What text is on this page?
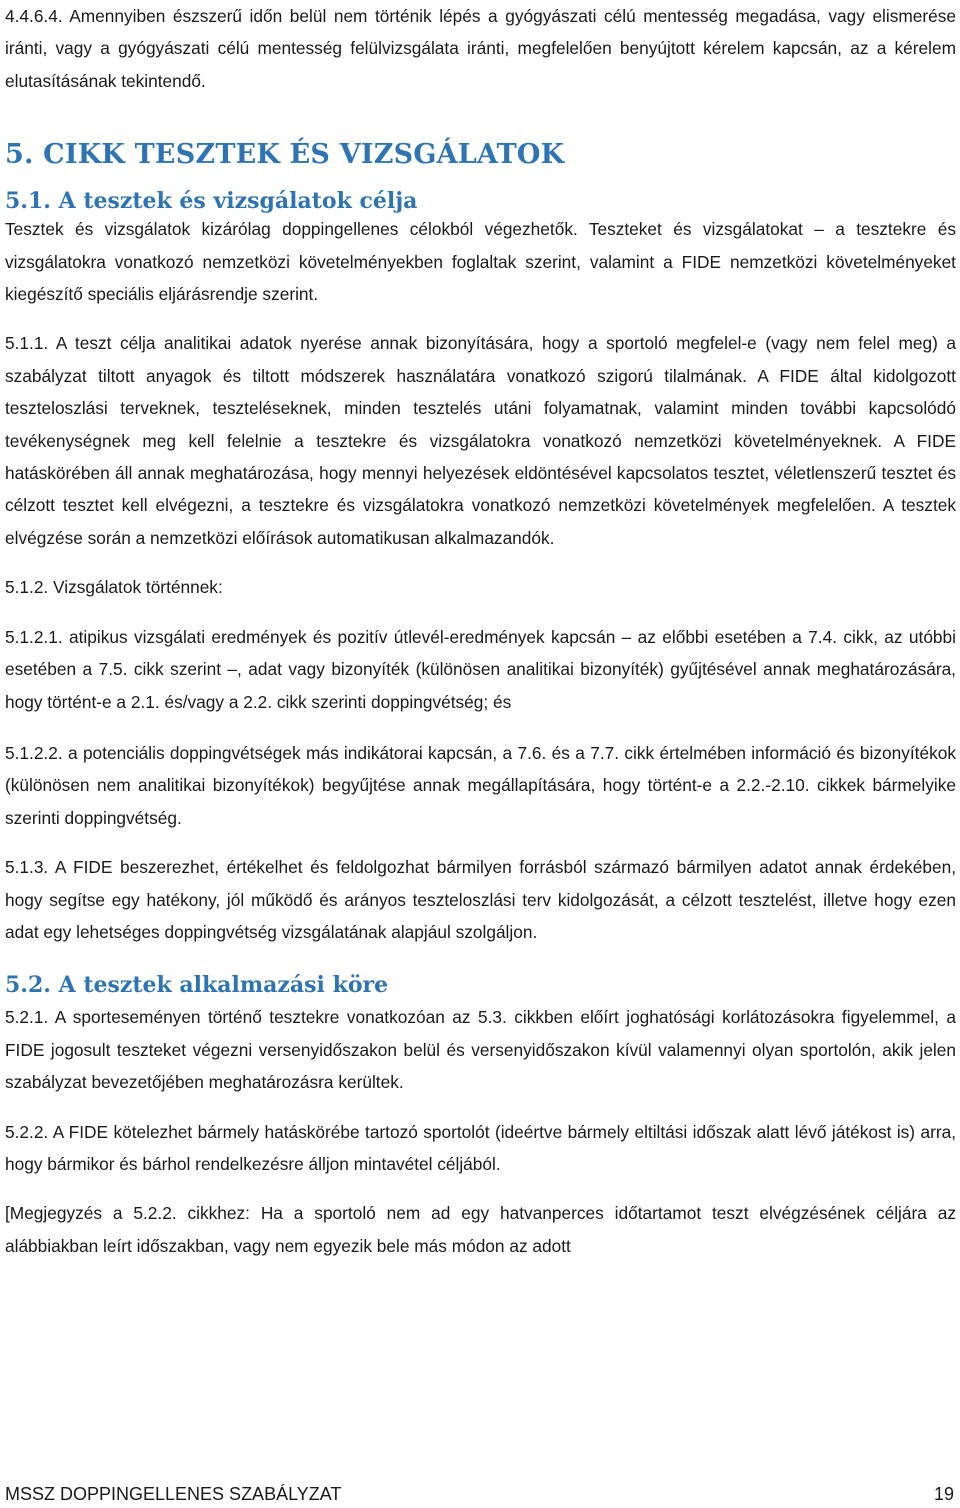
4.4.6.4. Amennyiben észszerű időn belül nem történik lépés a gyógyászati célú mentesség megadása, vagy elismerése iránti, vagy a gyógyászati célú mentesség felülvizsgálata iránti, megfelelően benyújtott kérelem kapcsán, az a kérelem elutasításának tekintendő.

5. CIKK TESZTEK ÉS VIZSGÁLATOK
5.1. A tesztek és vizsgálatok célja

Tesztek és vizsgálatok kizárólag doppingellenes célokból végezhetők. Teszteket és vizsgálatokat – a tesztekre és vizsgálatokra vonatkozó nemzetközi követelményekben foglaltak szerint, valamint a FIDE nemzetközi követelményeket kiegészítő speciális eljárásrendje szerint.

5.1.1. A teszt célja analitikai adatok nyerése annak bizonyítására, hogy a sportoló megfelel-e (vagy nem felel meg) a szabályzat tiltott anyagok és tiltott módszerek használatára vonatkozó szigorú tilalmának. A FIDE által kidolgozott teszteloszlási terveknek, teszteléseknek, minden tesztelés utáni folyamatnak, valamint minden további kapcsolódó tevékenységnek meg kell felelnie a tesztekre és vizsgálatokra vonatkozó nemzetközi követelményeknek. A FIDE hatáskörében áll annak meghatározása, hogy mennyi helyezések eldöntésével kapcsolatos tesztet, véletlenszerű tesztet és célzott tesztet kell elvégezni, a tesztekre és vizsgálatokra vonatkozó nemzetközi követelmények megfelelően. A tesztek elvégzése során a nemzetközi előírások automatikusan alkalmazandók.

5.1.2. Vizsgálatok történnek:

5.1.2.1. atipikus vizsgálati eredmények és pozitív útlevél-eredmények kapcsán – az előbbi esetében a 7.4. cikk, az utóbbi esetében a 7.5. cikk szerint –, adat vagy bizonyíték (különösen analitikai bizonyíték) gyűjtésével annak meghatározására, hogy történt-e a 2.1. és/vagy a 2.2. cikk szerinti doppingvétség; és

5.1.2.2. a potenciális doppingvétségek más indikátorai kapcsán, a 7.6. és a 7.7. cikk értelmében információ és bizonyítékok (különösen nem analitikai bizonyítékok) begyűjtése annak megállapítására, hogy történt-e a 2.2.-2.10. cikkek bármelyike szerinti doppingvétség.

5.1.3. A FIDE beszerezhet, értékelhet és feldolgozhat bármilyen forrásból származó bármilyen adatot annak érdekében, hogy segítse egy hatékony, jól működő és arányos teszteloszlási terv kidolgozását, a célzott tesztelést, illetve hogy ezen adat egy lehetséges doppingvétség vizsgálatának alapjául szolgáljon.

5.2. A tesztek alkalmazási köre

5.2.1. A sporteseményen történő tesztekre vonatkozóan az 5.3. cikkben előírt joghatósági korlátozásokra figyelemmel, a FIDE jogosult teszteket végezni versenyidőszakon belül és versenyidőszakon kívül valamennyi olyan sportolón, akik jelen szabályzat bevezetőjében meghatározásra kerültek.

5.2.2. A FIDE kötelezhet bármely hatáskörébe tartozó sportolót (ideértve bármely eltiltási időszak alatt lévő játékost is) arra, hogy bármikor és bárhol rendelkezésre álljon mintavétel céljából.

[Megjegyzés a 5.2.2. cikkhez: Ha a sportoló nem ad egy hatvanperces időtartamot teszt elvégzésének céljára az alábbiakban leírt időszakban, vagy nem egyezik bele más módon az adott

MSSZ DOPPINGELLENES SZABÁLYZAT	19
